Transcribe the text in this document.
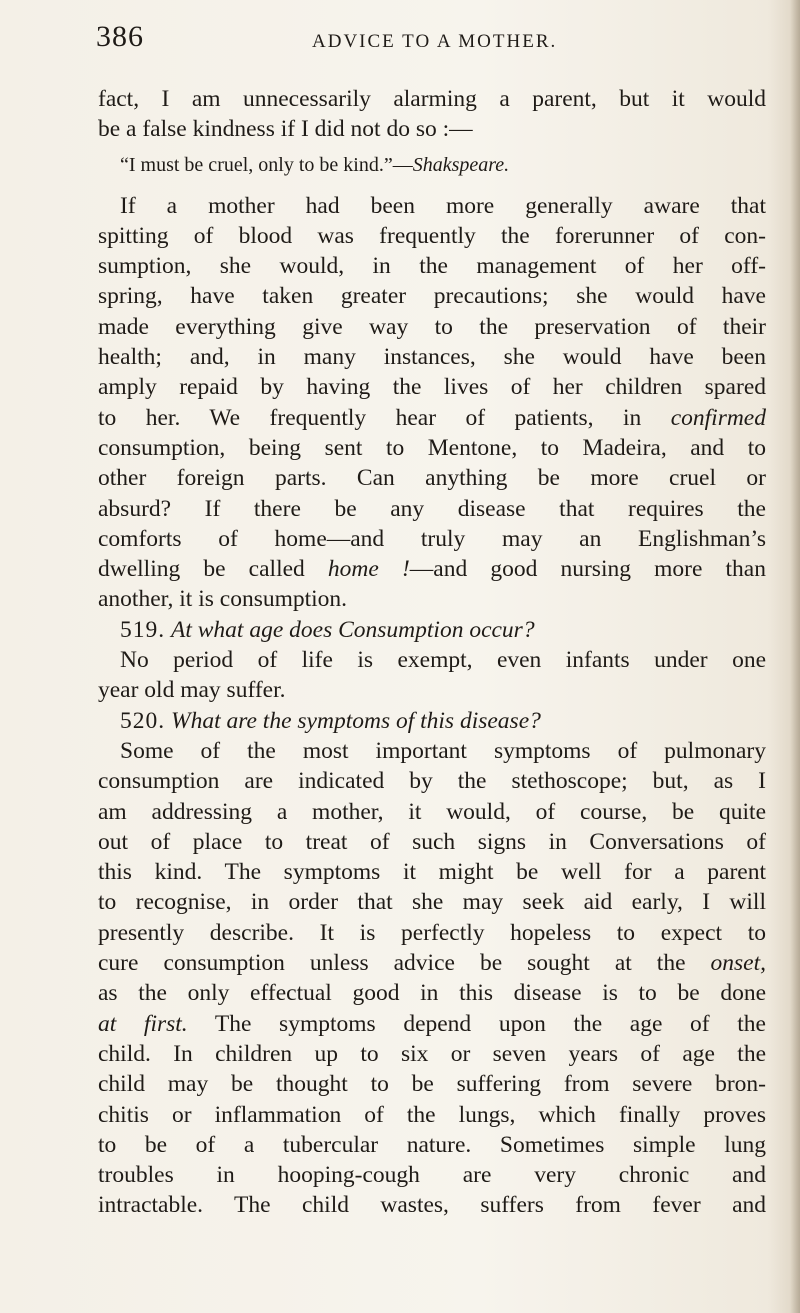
386	ADVICE TO A MOTHER.
fact, I am unnecessarily alarming a parent, but it would
be a false kindness if I did not do so :—
“I must be cruel, only to be kind.”—Shakspeare.
If a mother had been more generally aware that
spitting of blood was frequently the forerunner of con-
sumption, she would, in the management of her off-
spring, have taken greater precautions; she would have
made everything give way to the preservation of their
health; and, in many instances, she would have been
amply repaid by having the lives of her children spared
to her. We frequently hear of patients, in confirmed
consumption, being sent to Mentone, to Madeira, and to
other foreign parts. Can anything be more cruel or
absurd? If there be any disease that requires the
comforts of home—and truly may an Englishman’s
dwelling be called home !—and good nursing more than
another, it is consumption.
519. At what age does Consumption occur?
No period of life is exempt, even infants under one
year old may suffer.
520. What are the symptoms of this disease?
Some of the most important symptoms of pulmonary
consumption are indicated by the stethoscope; but, as I
am addressing a mother, it would, of course, be quite
out of place to treat of such signs in Conversations of
this kind. The symptoms it might be well for a parent
to recognise, in order that she may seek aid early, I will
presently describe. It is perfectly hopeless to expect to
cure consumption unless advice be sought at the onset,
as the only effectual good in this disease is to be done
at first. The symptoms depend upon the age of the
child. In children up to six or seven years of age the
child may be thought to be suffering from severe bron-
chitis or inflammation of the lungs, which finally proves
to be of a tubercular nature. Sometimes simple lung
troubles in hooping-cough are very chronic and
intractable. The child wastes, suffers from fever and
